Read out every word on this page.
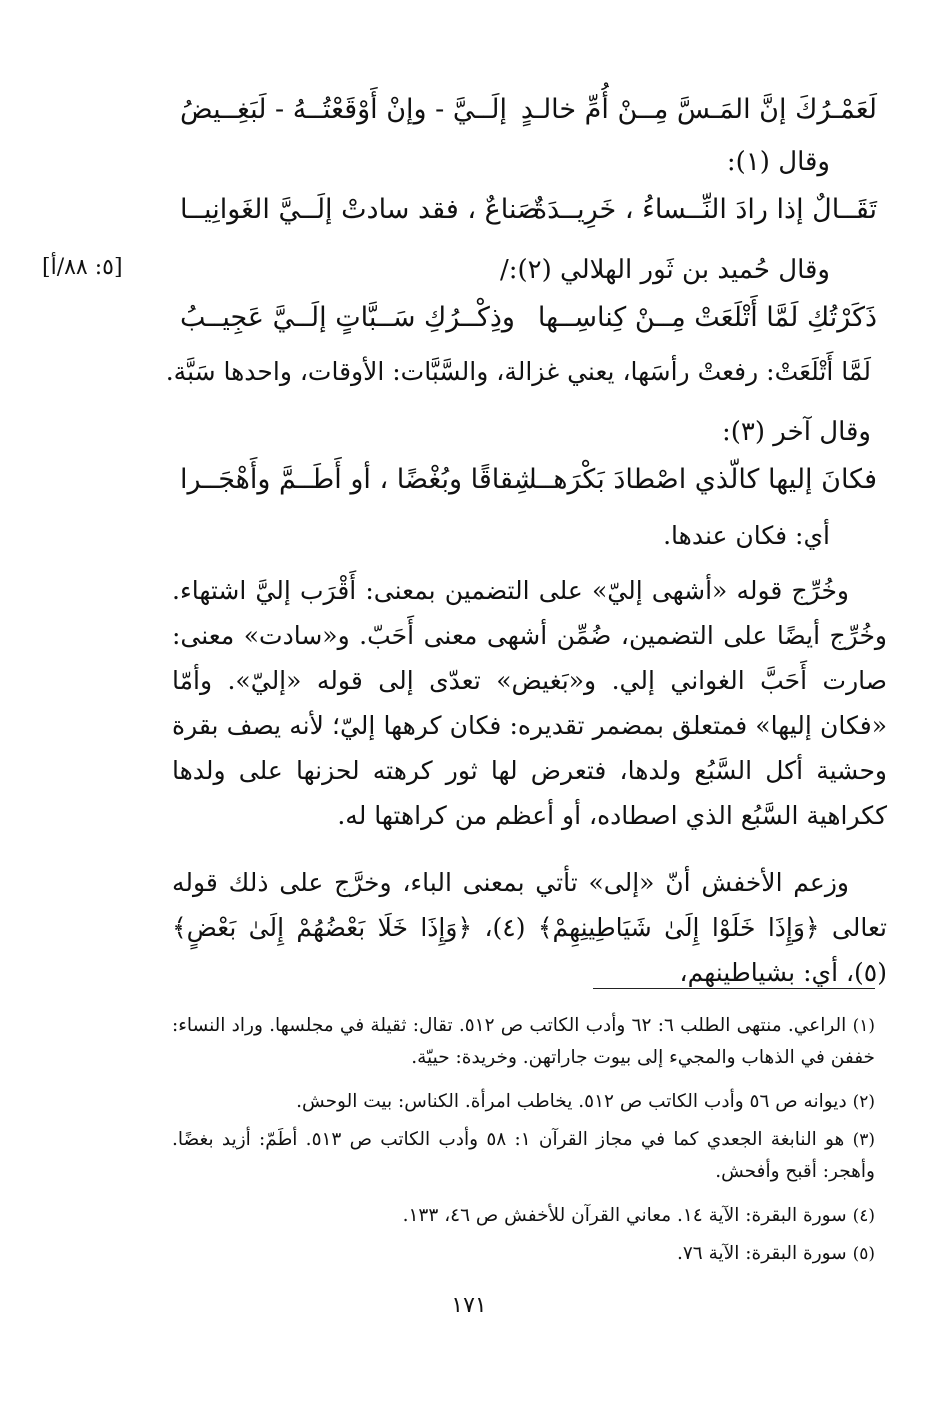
[٥: ٨٨/أ]
لَعَمْـرُكَ إنَّ المَـسَّ مِــنْ أُمِّ خالـدٍ
إلَــيَّ - وإنْ أَوْقَعْتُــهُ - لَبَغِــيضُ
وقال (١):
تَقَــالٌ إذا رادَ النِّــساءُ ، خَرِيــدَةٌ
صَناعٌ ، فقد سادتْ إلَــيَّ الغَوانِيــا
وقال حُميد بن ثَور الهلالي (٢):/
ذَكَرْتُكِ لَمَّا أَتْلَعَتْ مِــنْ كِناسِــها
وذِكْــرُكِ سَــبَّاتٍ إلَــيَّ عَجِيــبُ
لَمَّا أَتْلَعَتْ: رفعتْ رأسَها، يعني غزالة، والسَّبَّات: الأوقات، واحدها سَبَّة.
وقال آخر (٣):
فكانَ إليها كالّذي اصْطادَ بَكْرَهــا
شِقاقًا وبُغْضًا ، أو أَطَــمَّ وأَهْجَــرا
أي: فكان عندها.

وخُرِّج قوله «أشهى إليّ» على التضمين بمعنى: أَقْرَب إليَّ اشتهاء. وخُرِّج أيضًا على التضمين، ضُمِّن أشهى معنى أَحَبّ. و«سادت» معنى: صارت أَحَبَّ الغواني إلي. و«بَغيض» تعدّى إلى قوله «إليّ». وأمّا «فكان إليها» فمتعلق بمضمر تقديره: فكان كرهها إليّ؛ لأنه يصف بقرة وحشية أكل السَّبُع ولدها، فتعرض لها ثور كرهته لحزنها على ولدها ككراهية السَّبُع الذي اصطاده، أو أعظم من كراهتها له.

وزعم الأخفش أنّ «إلى» تأتي بمعنى الباء، وخرَّج على ذلك قوله تعالى ﴿وَإِذَا خَلَوْا إِلَىٰ شَيَاطِينِهِمْ﴾ (٤)، ﴿وَإِذَا خَلَا بَعْضُهُمْ إِلَىٰ بَعْضٍ﴾ (٥)، أي: بشياطينهم،

(١) الراعي. منتهى الطلب ٦: ٦٢ وأدب الكاتب ص ٥١٢. تقال: ثقيلة في مجلسها. وراد النساء: خففن في الذهاب والمجيء إلى بيوت جاراتهن. وخريدة: حييّة.
(٢) ديوانه ص ٥٦ وأدب الكاتب ص ٥١٢. يخاطب امرأة. الكناس: بيت الوحش.
(٣) هو النابغة الجعدي كما في مجاز القرآن ١: ٥٨ وأدب الكاتب ص ٥١٣. أطَمّ: أزيد بغضًا. وأهجر: أقبح وأفحش.
(٤) سورة البقرة: الآية ١٤. معاني القرآن للأخفش ص ٤٦، ١٣٣.
(٥) سورة البقرة: الآية ٧٦.
١٧١
